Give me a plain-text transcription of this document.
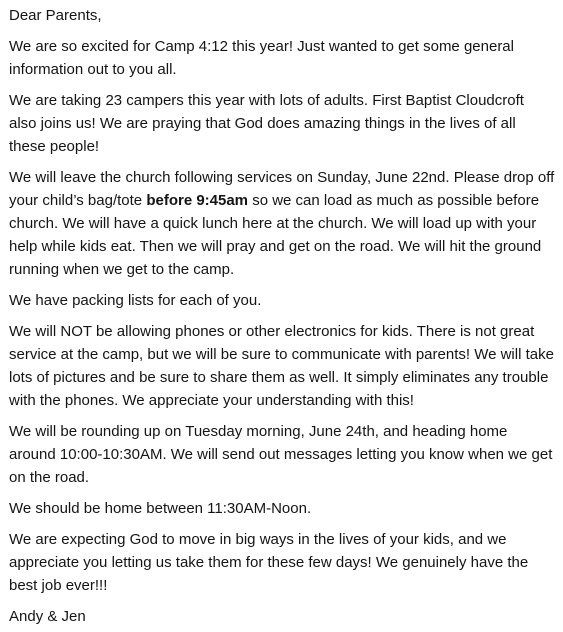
Dear Parents,

We are so excited for Camp 4:12 this year! Just wanted to get some general information out to you all.

We are taking 23 campers this year with lots of adults. First Baptist Cloudcroft also joins us! We are praying that God does amazing things in the lives of all these people!

We will leave the church following services on Sunday, June 22nd. Please drop off your child’s bag/tote before 9:45am so we can load as much as possible before church. We will have a quick lunch here at the church. We will load up with your help while kids eat. Then we will pray and get on the road. We will hit the ground running when we get to the camp.

We have packing lists for each of you.

We will NOT be allowing phones or other electronics for kids. There is not great service at the camp, but we will be sure to communicate with parents! We will take lots of pictures and be sure to share them as well. It simply eliminates any trouble with the phones. We appreciate your understanding with this!

We will be rounding up on Tuesday morning, June 24th, and heading home around 10:00-10:30AM. We will send out messages letting you know when we get on the road.

We should be home between 11:30AM-Noon.

We are expecting God to move in big ways in the lives of your kids, and we appreciate you letting us take them for these few days! We genuinely have the best job ever!!!

Andy & Jen
